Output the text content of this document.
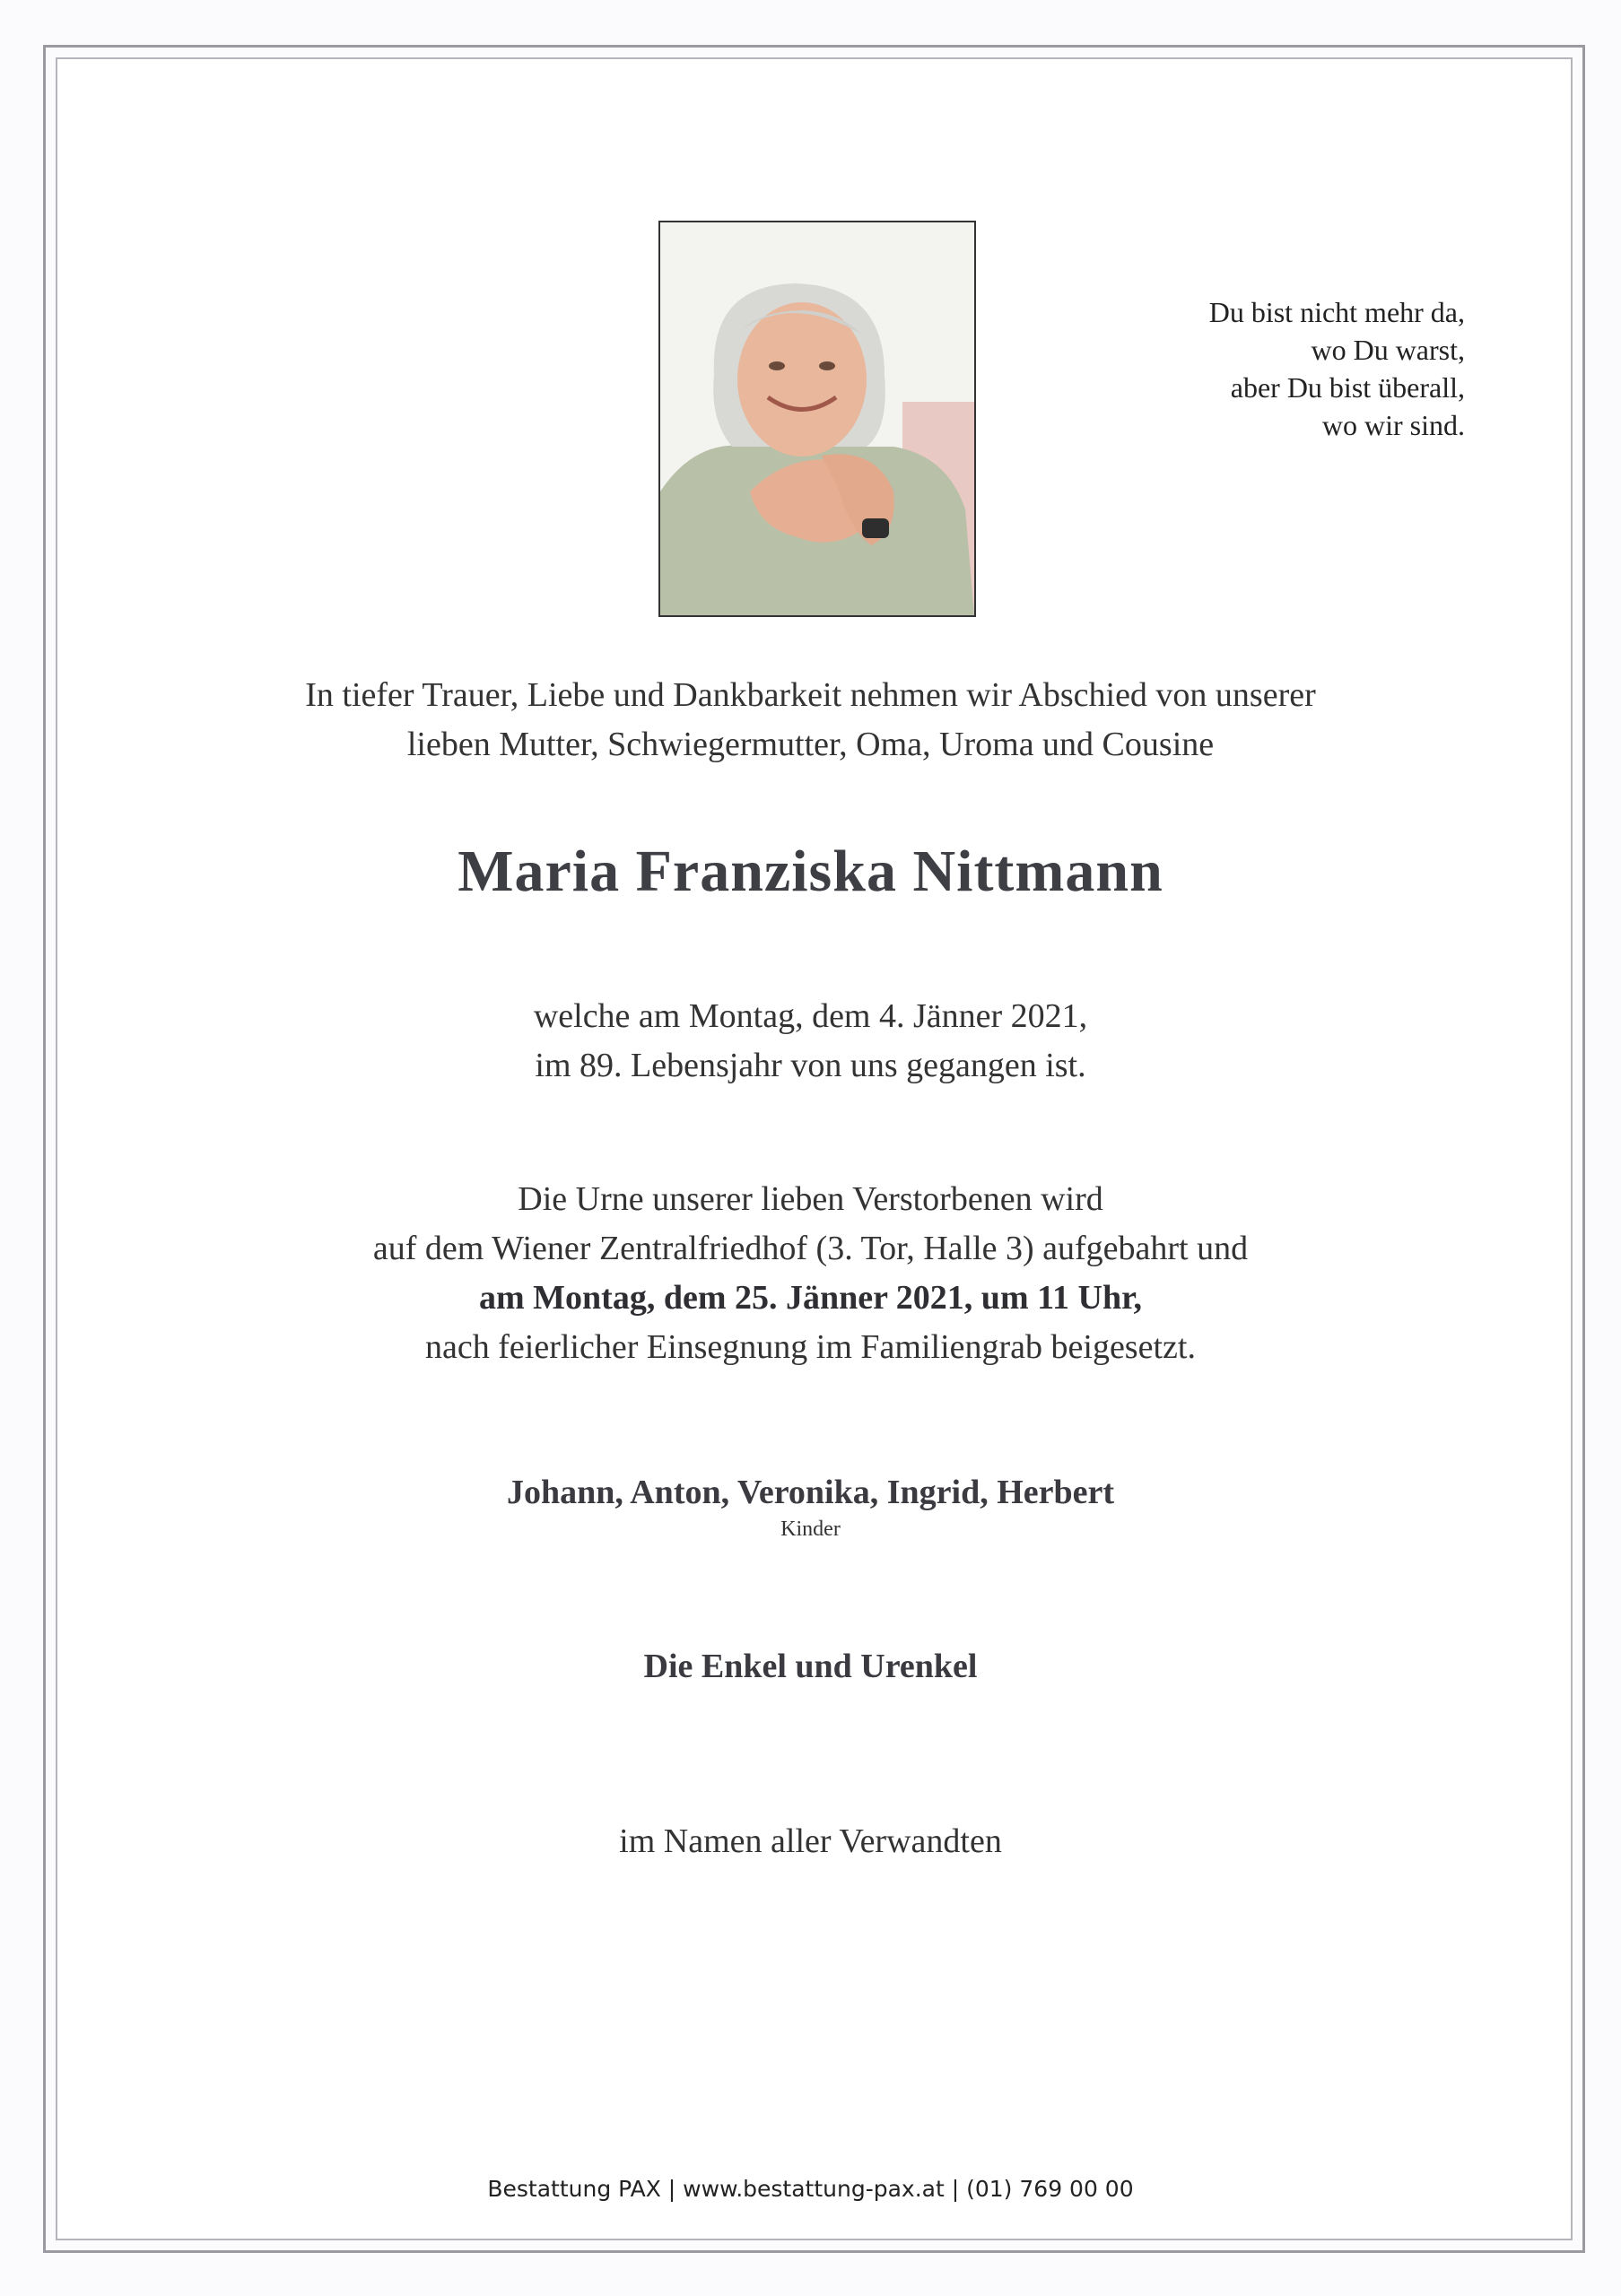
Du bist nicht mehr da,
wo Du warst,
aber Du bist überall,
wo wir sind.
In tiefer Trauer, Liebe und Dankbarkeit nehmen wir Abschied von unserer
lieben Mutter, Schwiegermutter, Oma, Uroma und Cousine
Maria Franziska Nittmann
welche am Montag, dem 4. Jänner 2021,
im 89. Lebensjahr von uns gegangen ist.
Die Urne unserer lieben Verstorbenen wird
auf dem Wiener Zentralfriedhof (3. Tor, Halle 3) aufgebahrt und
am Montag, dem 25. Jänner 2021, um 11 Uhr,
nach feierlicher Einsegnung im Familiengrab beigesetzt.
Johann, Anton, Veronika, Ingrid, Herbert
Kinder
Die Enkel und Urenkel
im Namen aller Verwandten
Bestattung PAX | www.bestattung-pax.at | (01) 769 00 00
